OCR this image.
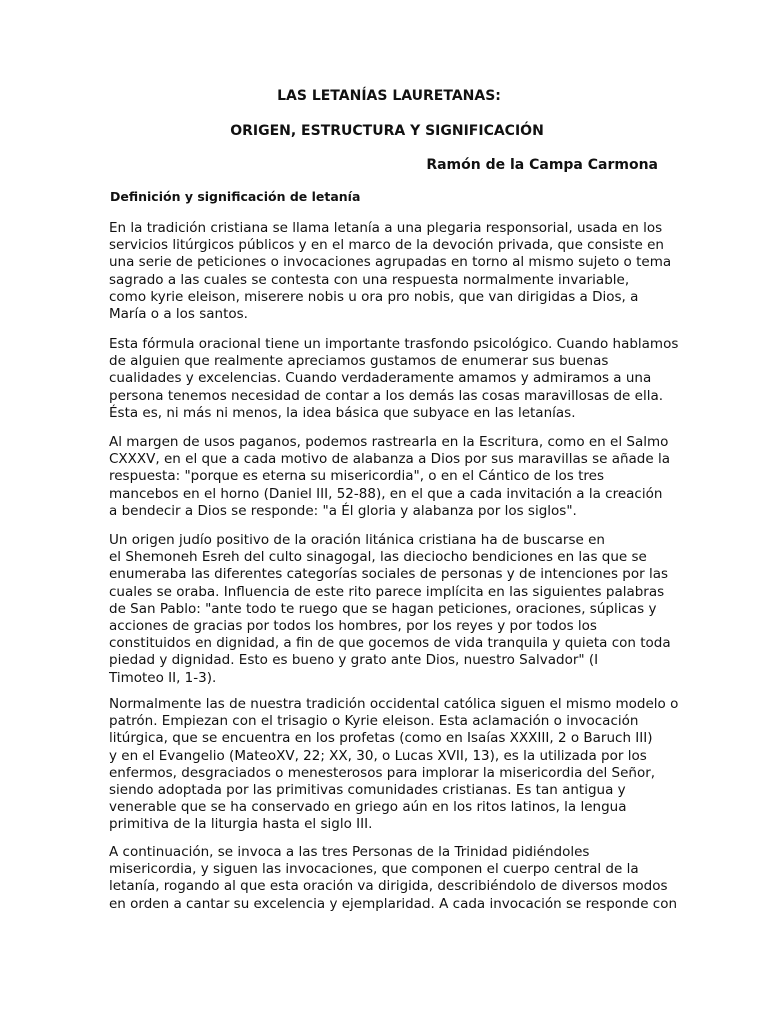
LAS LETANÍAS LAURETANAS:
ORIGEN, ESTRUCTURA Y SIGNIFICACIÓN
Ramón de la Campa Carmona
Definición y significación de letanía
En la tradición cristiana se llama letanía a una plegaria responsorial, usada en los
servicios litúrgicos públicos y en el marco de la devoción privada, que consiste en
una serie de peticiones o invocaciones agrupadas en torno al mismo sujeto o tema
sagrado a las cuales se contesta con una respuesta normalmente invariable,
como kyrie eleison, miserere nobis u ora pro nobis, que van dirigidas a Dios, a
María o a los santos.
Esta fórmula oracional tiene un importante trasfondo psicológico. Cuando hablamos
de alguien que realmente apreciamos gustamos de enumerar sus buenas
cualidades y excelencias. Cuando verdaderamente amamos y admiramos a una
persona tenemos necesidad de contar a los demás las cosas maravillosas de ella.
Ésta es, ni más ni menos, la idea básica que subyace en las letanías.
Al margen de usos paganos, podemos rastrearla en la Escritura, como en el Salmo
CXXXV, en el que a cada motivo de alabanza a Dios por sus maravillas se añade la
respuesta: "porque es eterna su misericordia", o en el Cántico de los tres
mancebos en el horno (Daniel III, 52-88), en el que a cada invitación a la creación
a bendecir a Dios se responde: "a Él gloria y alabanza por los siglos".
Un origen judío positivo de la oración litánica cristiana ha de buscarse en
el Shemoneh Esreh del culto sinagogal, las dieciocho bendiciones en las que se
enumeraba las diferentes categorías sociales de personas y de intenciones por las
cuales se oraba. Influencia de este rito parece implícita en las siguientes palabras
de San Pablo: "ante todo te ruego que se hagan peticiones, oraciones, súplicas y
acciones de gracias por todos los hombres, por los reyes y por todos los
constituidos en dignidad, a fin de que gocemos de vida tranquila y quieta con toda
piedad y dignidad. Esto es bueno y grato ante Dios, nuestro Salvador" (I
Timoteo II, 1-3).
Normalmente las de nuestra tradición occidental católica siguen el mismo modelo o
patrón. Empiezan con el trisagio o Kyrie eleison. Esta aclamación o invocación
litúrgica, que se encuentra en los profetas (como en Isaías XXXIII, 2 o Baruch III)
y en el Evangelio (MateoXV, 22; XX, 30, o Lucas XVII, 13), es la utilizada por los
enfermos, desgraciados o menesterosos para implorar la misericordia del Señor,
siendo adoptada por las primitivas comunidades cristianas. Es tan antigua y
venerable que se ha conservado en griego aún en los ritos latinos, la lengua
primitiva de la liturgia hasta el siglo III.
A continuación, se invoca a las tres Personas de la Trinidad pidiéndoles
misericordia, y siguen las invocaciones, que componen el cuerpo central de la
letanía, rogando al que esta oración va dirigida, describiéndolo de diversos modos
en orden a cantar su excelencia y ejemplaridad. A cada invocación se responde con
